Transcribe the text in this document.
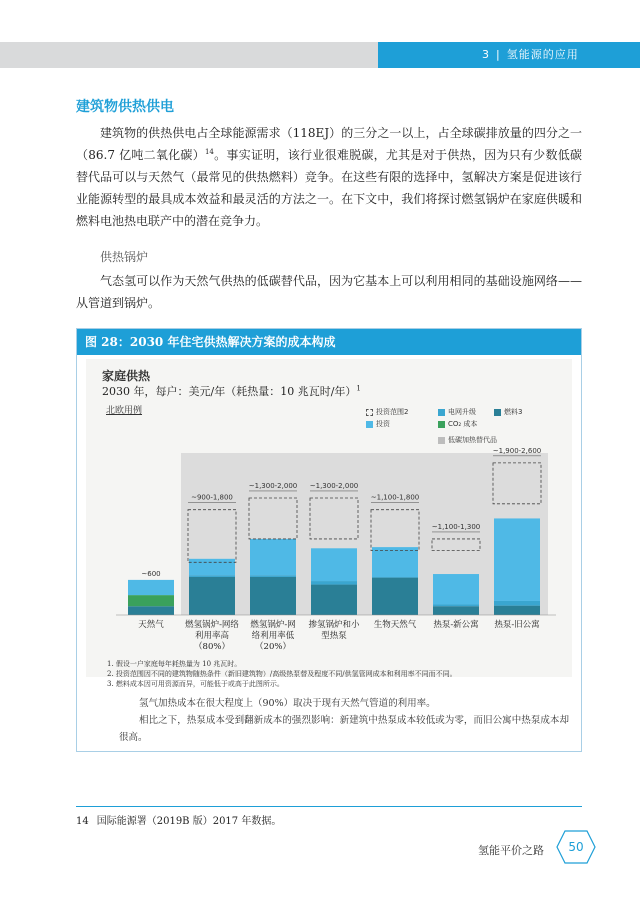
3 | 氢能源的应用
建筑物供热供电
建筑物的供热供电占全球能源需求（118EJ）的三分之一以上，占全球碳排放量的四分之一（86.7 亿吨二氧化碳）$^{14}$。事实证明，该行业很难脱碳，尤其是对于供热，因为只有少数低碳替代品可以与天然气（最常见的供热燃料）竞争。在这些有限的选择中，氢解决方案是促进该行业能源转型的最具成本效益和最灵活的方法之一。在下文中，我们将探讨燃氢锅炉在家庭供暖和燃料电池热电联产中的潜在竞争力。
供热锅炉
气态氢可以作为天然气供热的低碳替代品，因为它基本上可以利用相同的基础设施网络——从管道到锅炉。
图 28：2030 年住宅供热解决方案的成本构成
家庭供热
2030 年，每户：美元/年（耗热量：10 兆瓦时/年）$^1$
北欧用例
~600
天然气
~900-1,800
燃氢锅炉-网络
利用率高
（80%）
~1,300-2,000
燃氢锅炉-网
络利用率低
（20%）
~1,300-2,000
掺氢锅炉和小
型热泵
~1,100-1,800
生物天然气
~1,100-1,300
热泵-新公寓
~1,900-2,600
热泵-旧公寓
投资范围 2
投资
电网升级
CO₂ 成本
燃料 3
低碳加热替代品
1. 假设一户家庭每年耗热量为 10 兆瓦时。
2. 投资范围因不同的建筑物随热条件（新旧建筑物）/高级热泵替及程度不同/供氢管网成本和利用率不同而不同。
3. 燃料成本因可用资源而异，可能低于或高于此图所示。
氢气加热成本在很大程度上（90%）取决于现有天然气管道的利用率。
相比之下，热泵成本受到翻新成本的强烈影响：新建筑中热泵成本较低或为零，而旧公寓中热泵成本却很高。
14 国际能源署（2019B 版）2017 年数据。
氢能平价之路	50
